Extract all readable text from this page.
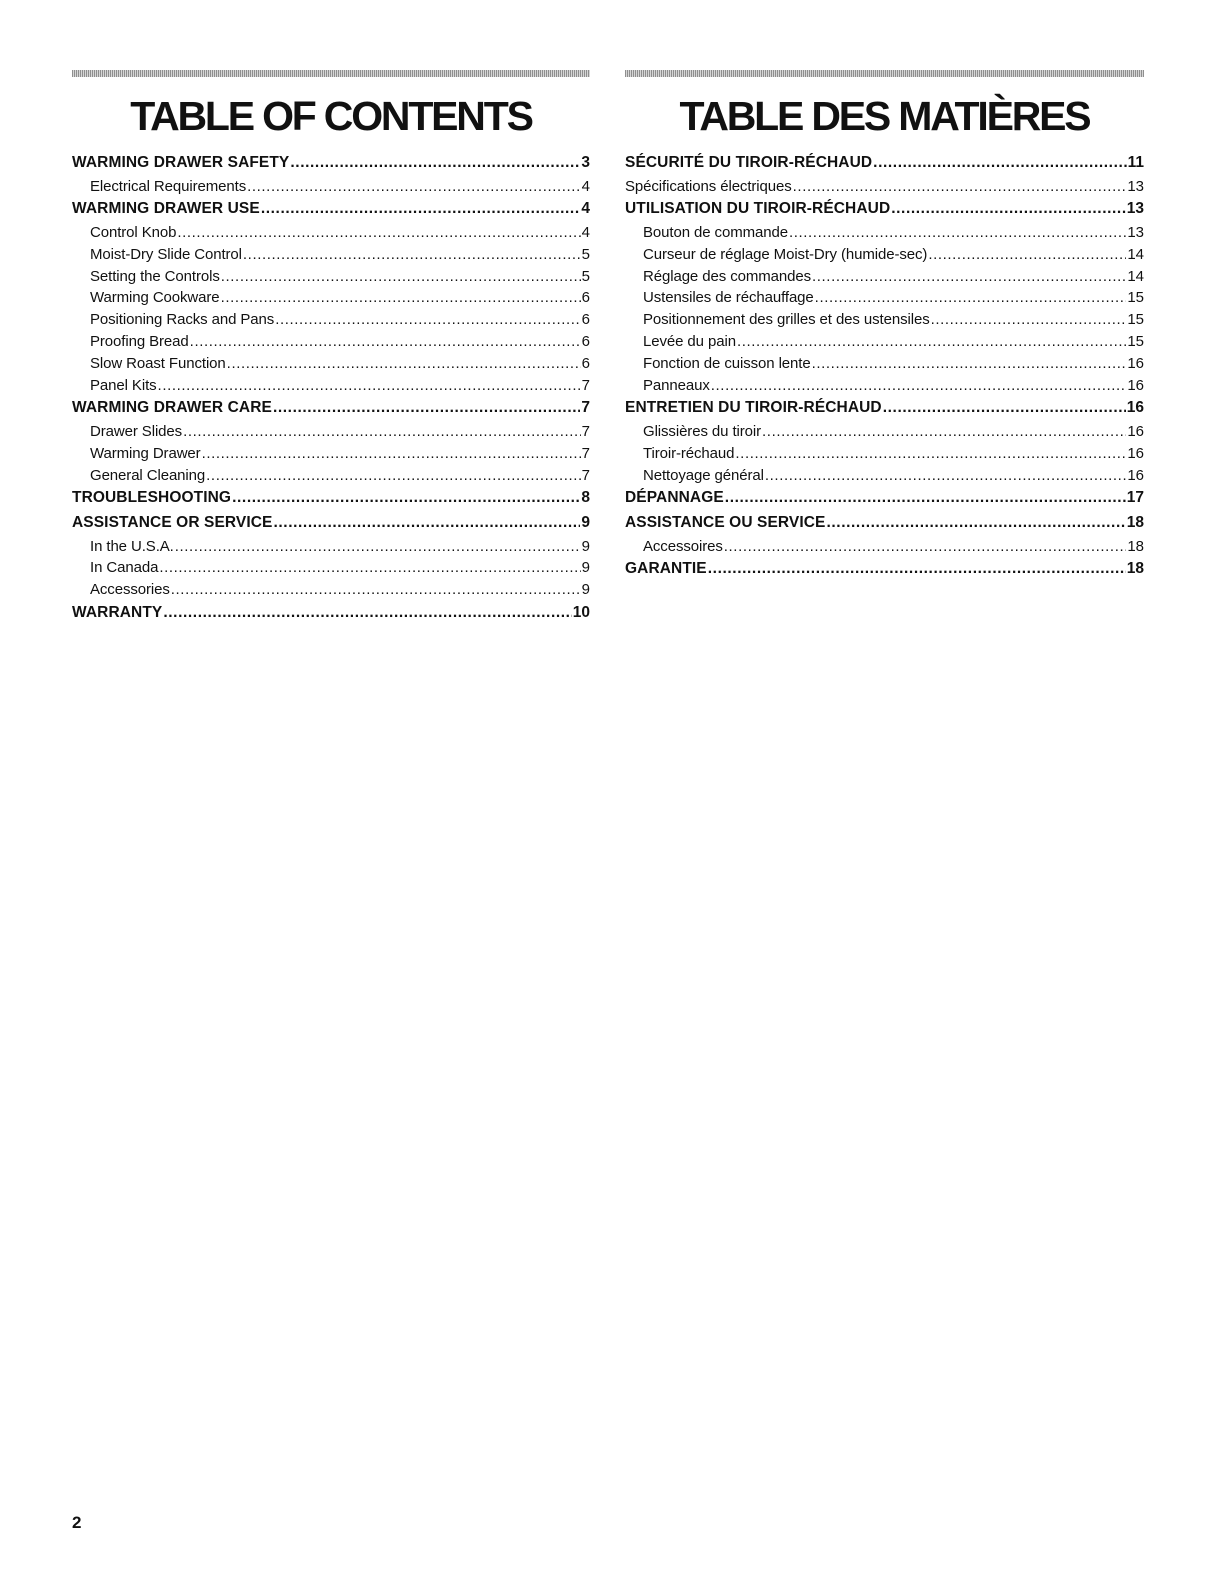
TABLE OF CONTENTS
WARMING DRAWER SAFETY .....	3
Electrical Requirements .....	4
WARMING DRAWER USE .....	4
Control Knob .....	4
Moist-Dry Slide Control .....	5
Setting the Controls .....	5
Warming Cookware .....	6
Positioning Racks and Pans .....	6
Proofing Bread .....	6
Slow Roast Function .....	6
Panel Kits .....	7
WARMING DRAWER CARE .....	7
Drawer Slides .....	7
Warming Drawer .....	7
General Cleaning .....	7
TROUBLESHOOTING .....	8
ASSISTANCE OR SERVICE .....	9
In the U.S.A. .....	9
In Canada .....	9
Accessories .....	9
WARRANTY .....	10
TABLE DES MATIÈRES
SÉCURITÉ DU TIROIR-RÉCHAUD .....	11
Spécifications électriques .....	13
UTILISATION DU TIROIR-RÉCHAUD .....	13
Bouton de commande .....	13
Curseur de réglage Moist-Dry (humide-sec) .....	14
Réglage des commandes .....	14
Ustensiles de réchauffage .....	15
Positionnement des grilles et des ustensiles .....	15
Levée du pain .....	15
Fonction de cuisson lente .....	16
Panneaux .....	16
ENTRETIEN DU TIROIR-RÉCHAUD .....	16
Glissières du tiroir .....	16
Tiroir-réchaud .....	16
Nettoyage général .....	16
DÉPANNAGE .....	17
ASSISTANCE OU SERVICE .....	18
Accessoires .....	18
GARANTIE .....	18
2
